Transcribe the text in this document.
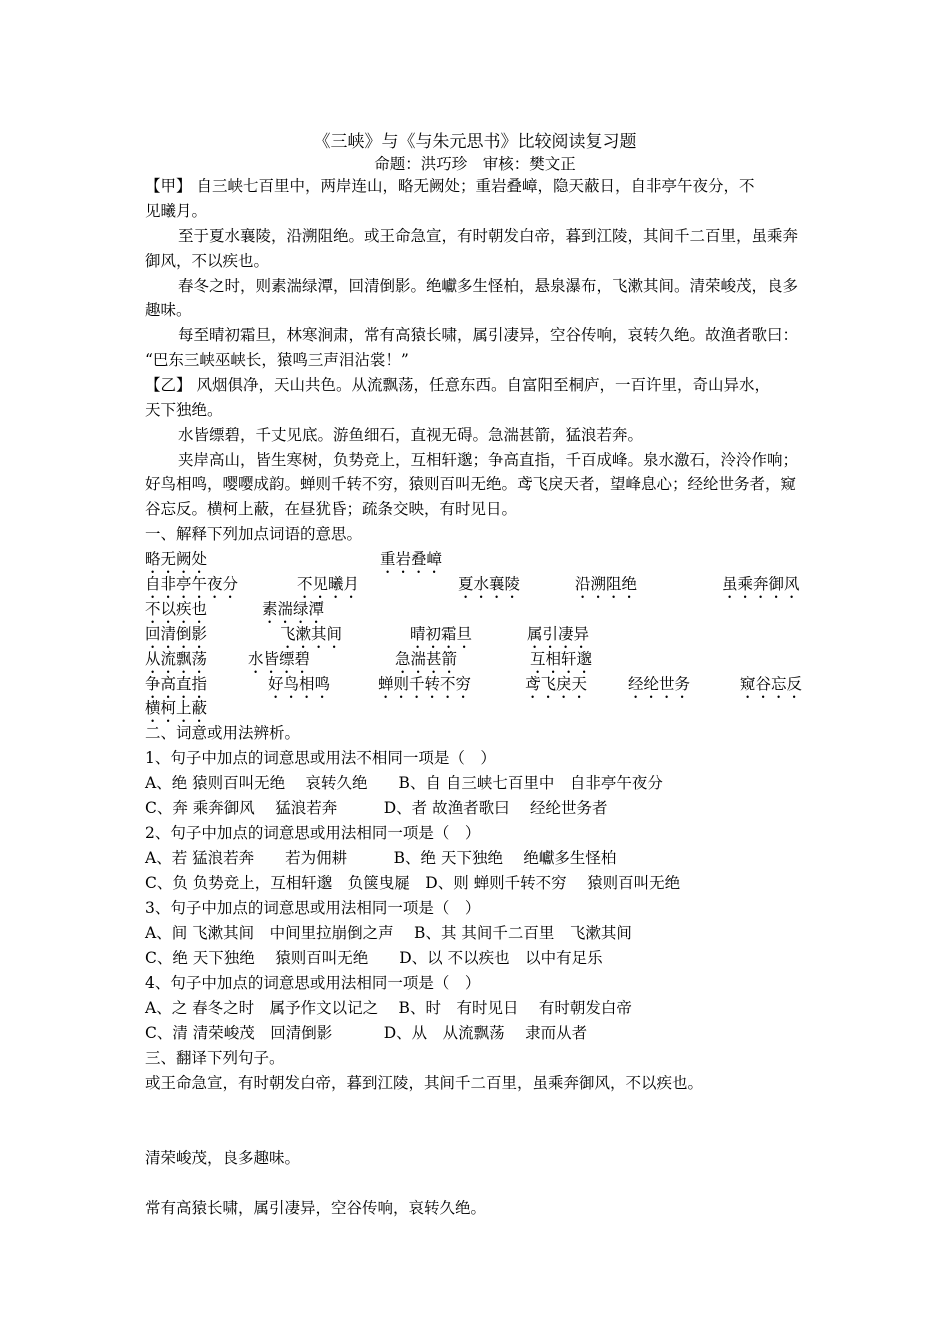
《三峡》与《与朱元思书》比较阅读复习题
命题：洪巧珍　审核：樊文正
【甲】 自三峡七百里中，两岸连山，略无阙处；重岩叠嶂，隐天蔽日，自非亭午夜分，不
见曦月。
至于夏水襄陵，沿溯阻绝。或王命急宣，有时朝发白帝，暮到江陵，其间千二百里，虽乘奔
御风，不以疾也。
春冬之时，则素湍绿潭，回清倒影。绝巘多生怪柏，悬泉瀑布，飞漱其间。清荣峻茂，良多
趣味。
每至晴初霜旦，林寒涧肃，常有高猿长啸，属引凄异，空谷传响，哀转久绝。故渔者歌曰：
“巴东三峡巫峡长，猿鸣三声泪沾裳！”
【乙】 风烟俱净，天山共色。从流飘荡，任意东西。自富阳至桐庐，一百许里，奇山异水，
天下独绝。
水皆缥碧，千丈见底。游鱼细石，直视无碍。急湍甚箭，猛浪若奔。
夹岸高山，皆生寒树，负势竞上，互相轩邈；争高直指，千百成峰。泉水激石，泠泠作响；
好鸟相鸣，嘤嘤成韵。蝉则千转不穷，猿则百叫无绝。鸢飞戾天者，望峰息心；经纶世务者，窥
谷忘反。横柯上蔽，在昼犹昏；疏条交映，有时见日。
一、解释下列加点词语的意思。
略无阙处	重岩叠嶂
自非亭午夜分	不见曦月	夏水襄陵	沿溯阻绝	虽乘奔御风
不以疾也	素湍绿潭
回清倒影	飞漱其间	晴初霜旦	属引凄异
从流飘荡	水皆缥碧	急湍甚箭	互相轩邈
争高直指	好鸟相鸣	蝉则千转不穷	鸢飞戾天	经纶世务	窥谷忘反
横柯上蔽
二、词意或用法辨析。
1、句子中加点的词意思或用法不相同一项是（　）
A、绝 猿则百叫无绝　 哀转久绝　　B、自 自三峡七百里中　自非亭午夜分
C、奔 乘奔御风　 猛浪若奔　　　D、者 故渔者歌曰　 经纶世务者
2、句子中加点的词意思或用法相同一项是（　）
A、若 猛浪若奔　　若为佣耕　　　B、绝 天下独绝　 绝巘多生怪柏
C、负 负势竞上，互相轩邈　负箧曳屣　D、则 蝉则千转不穷　 猿则百叫无绝
3、句子中加点的词意思或用法相同一项是（　）
A、间 飞漱其间　中间里拉崩倒之声　 B、其 其间千二百里　飞漱其间
C、绝 天下独绝　 猿则百叫无绝　　D、以 不以疾也　以中有足乐
4、句子中加点的词意思或用法相同一项是（　）
A、之 春冬之时　属予作文以记之　 B、时　有时见日　 有时朝发白帝
C、清 清荣峻茂　回清倒影　　　 D、从　从流飘荡　 隶而从者
三、翻译下列句子。
或王命急宣，有时朝发白帝，暮到江陵，其间千二百里，虽乘奔御风，不以疾也。
清荣峻茂，良多趣味。
常有高猿长啸，属引凄异，空谷传响，哀转久绝。
